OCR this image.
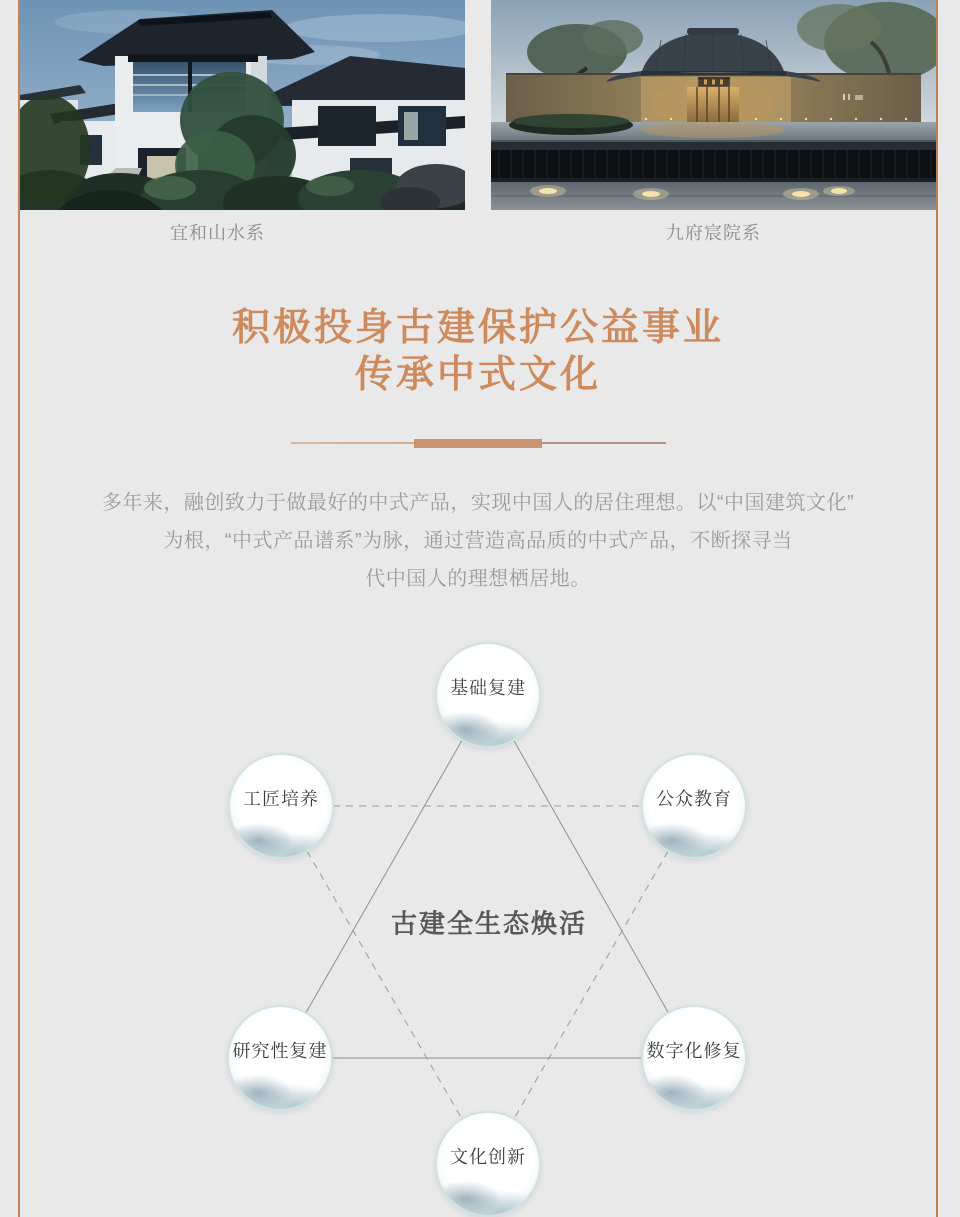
宜和山水系	九府宸院系
积极投身古建保护公益事业
传承中式文化

多年来，融创致力于做最好的中式产品，实现中国人的居住理想。以“中国建筑文化”
为根，“中式产品谱系”为脉，通过营造高品质的中式产品，不断探寻当
代中国人的理想栖居地。

基础复建
工匠培养	公众教育
研究性复建	数字化修复
文化创新
古建全生态焕活
